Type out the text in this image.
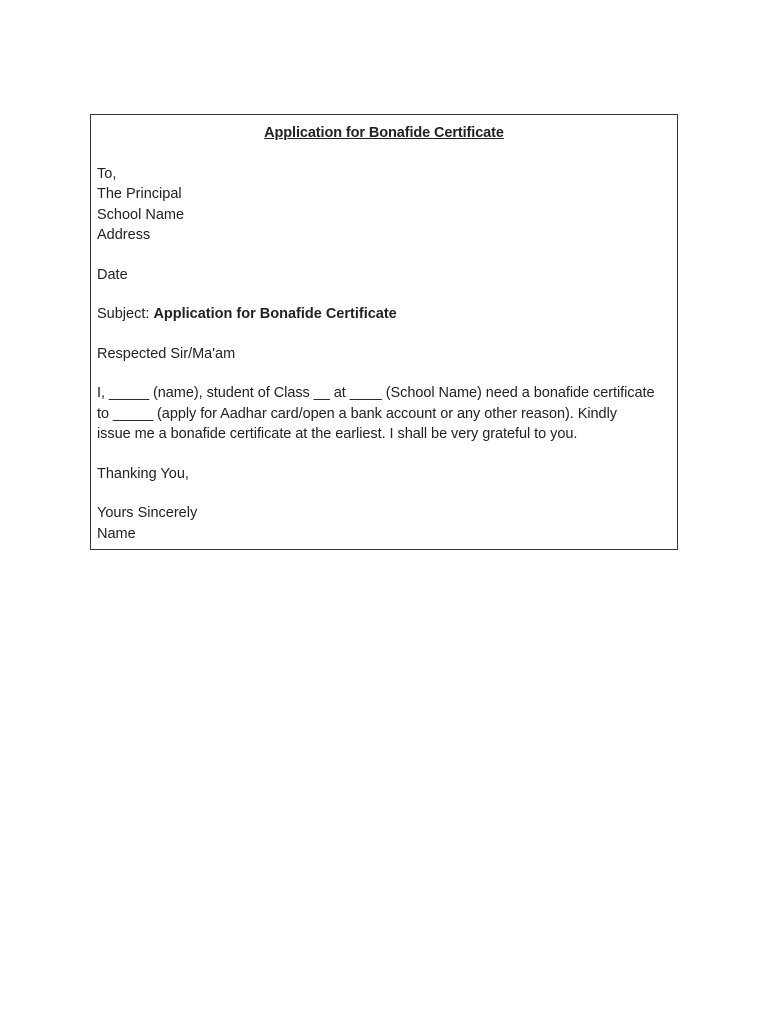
Application for Bonafide Certificate
To,
The Principal
School Name
Address
Date
Subject: Application for Bonafide Certificate
Respected Sir/Ma'am
I, _____ (name), student of Class __ at ____ (School Name) need a bonafide certificate
to _____ (apply for Aadhar card/open a bank account or any other reason). Kindly
issue me a bonafide certificate at the earliest. I shall be very grateful to you.
Thanking You,
Yours Sincerely
Name
